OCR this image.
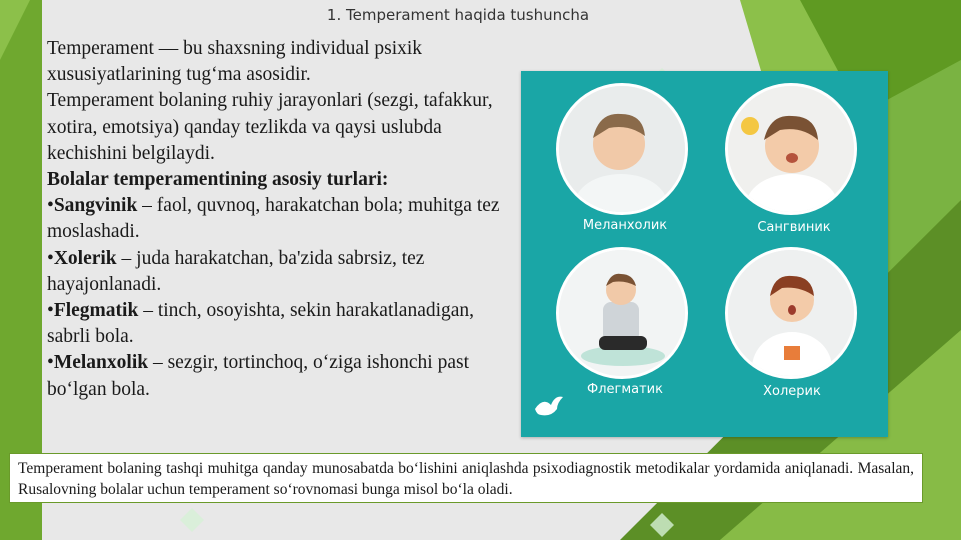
1. Temperament haqida tushuncha

Temperament — bu shaxsning individual psixik xususiyatlarining tug‘ma asosidir.

Temperament bolaning ruhiy jarayonlari (sezgi, tafakkur, xotira, emotsiya) qanday tezlikda va qaysi uslubda kechishini belgilaydi.

Bolalar temperamentining asosiy turlari:

•Sangvinik – faol, quvnoq, harakatchan bola; muhitga tez moslashadi.

•Xolerik – juda harakatchan, ba'zida sabrsiz, tez hayajonlanadi.

•Flegmatik – tinch, osoyishta, sekin harakatlanadigan, sabrli bola.

•Melanxolik – sezgir, tortinchoq, o‘ziga ishonchi past bo‘lgan bola.

Меланхолик	Сангвиник
Флегматик	Холерик
Temperament bolaning tashqi muhitga qanday munosabatda bo‘lishini aniqlashda psixodiagnostik metodikalar yordamida aniqlanadi. Masalan, Rusalovning bolalar uchun temperament so‘rovnomasi bunga misol bo‘la oladi.
